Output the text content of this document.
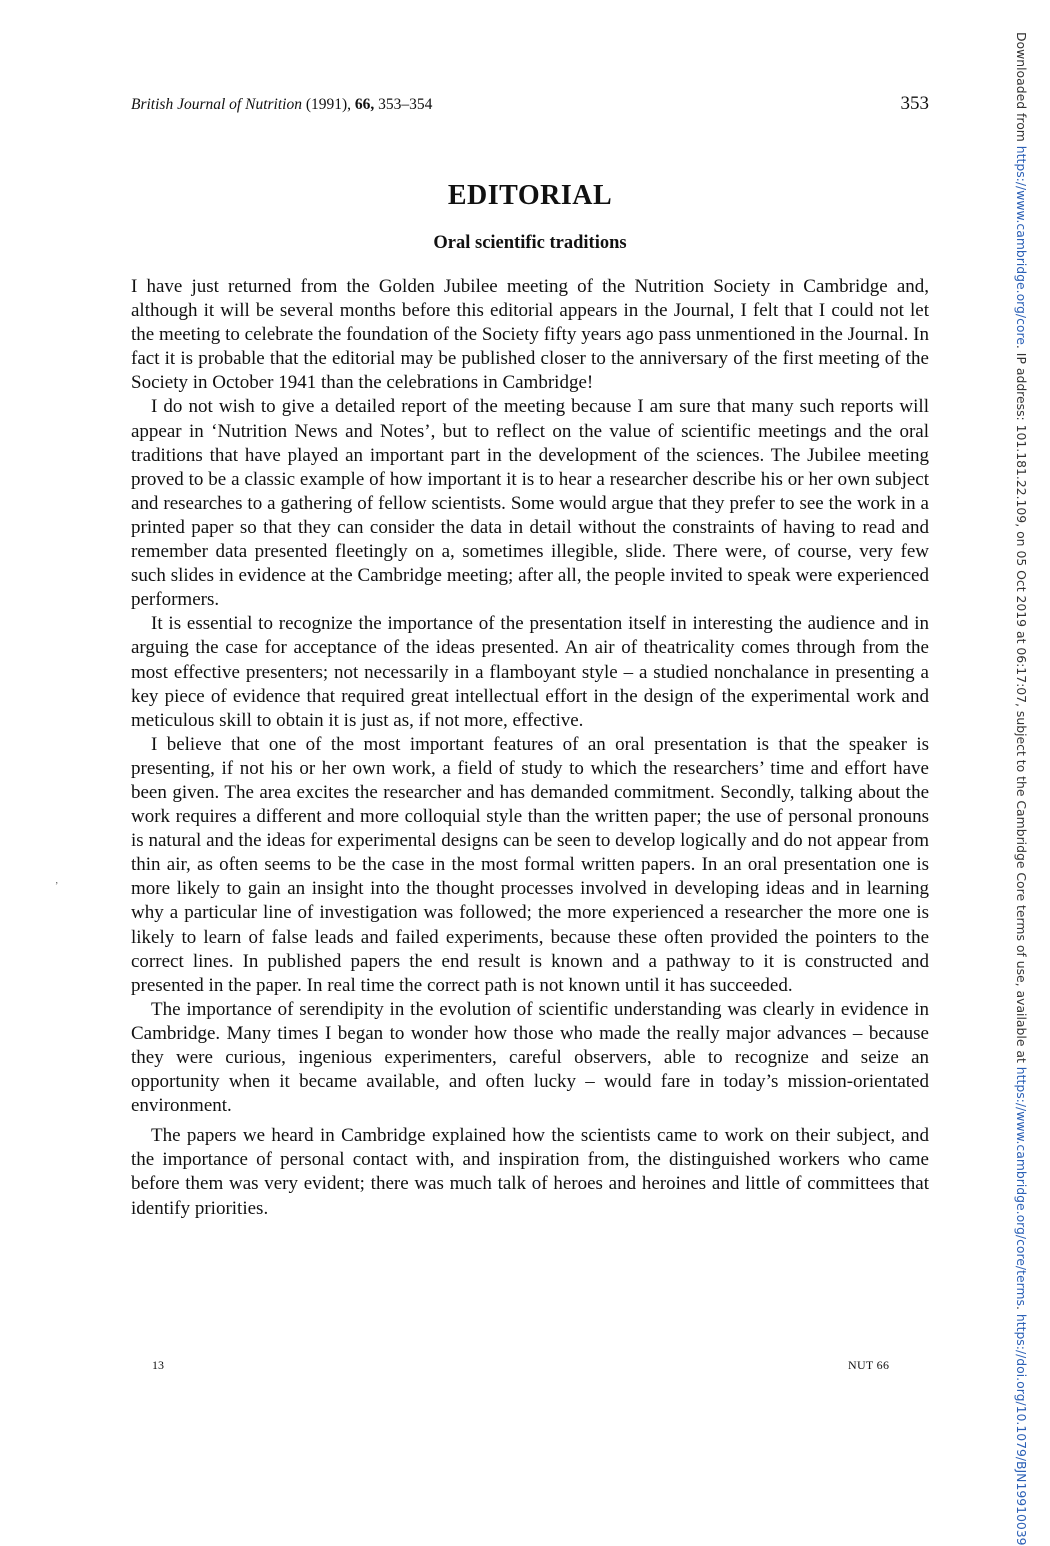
British Journal of Nutrition (1991), 66, 353–354	353
EDITORIAL
Oral scientific traditions

I have just returned from the Golden Jubilee meeting of the Nutrition Society in Cambridge and, although it will be several months before this editorial appears in the Journal, I felt that I could not let the meeting to celebrate the foundation of the Society fifty years ago pass unmentioned in the Journal. In fact it is probable that the editorial may be published closer to the anniversary of the first meeting of the Society in October 1941 than the celebrations in Cambridge!

I do not wish to give a detailed report of the meeting because I am sure that many such reports will appear in ‘Nutrition News and Notes’, but to reflect on the value of scientific meetings and the oral traditions that have played an important part in the development of the sciences. The Jubilee meeting proved to be a classic example of how important it is to hear a researcher describe his or her own subject and researches to a gathering of fellow scientists. Some would argue that they prefer to see the work in a printed paper so that they can consider the data in detail without the constraints of having to read and remember data presented fleetingly on a, sometimes illegible, slide. There were, of course, very few such slides in evidence at the Cambridge meeting; after all, the people invited to speak were experienced performers.

It is essential to recognize the importance of the presentation itself in interesting the audience and in arguing the case for acceptance of the ideas presented. An air of theatricality comes through from the most effective presenters; not necessarily in a flamboyant style – a studied nonchalance in presenting a key piece of evidence that required great intellectual effort in the design of the experimental work and meticulous skill to obtain it is just as, if not more, effective.

I believe that one of the most important features of an oral presentation is that the speaker is presenting, if not his or her own work, a field of study to which the researchers’ time and effort have been given. The area excites the researcher and has demanded commitment. Secondly, talking about the work requires a different and more colloquial style than the written paper; the use of personal pronouns is natural and the ideas for experimental designs can be seen to develop logically and do not appear from thin air, as often seems to be the case in the most formal written papers. In an oral presentation one is more likely to gain an insight into the thought processes involved in developing ideas and in learning why a particular line of investigation was followed; the more experienced a researcher the more one is likely to learn of false leads and failed experiments, because these often provided the pointers to the correct lines. In published papers the end result is known and a pathway to it is constructed and presented in the paper. In real time the correct path is not known until it has succeeded.

The importance of serendipity in the evolution of scientific understanding was clearly in evidence in Cambridge. Many times I began to wonder how those who made the really major advances – because they were curious, ingenious experimenters, careful observers, able to recognize and seize an opportunity when it became available, and often lucky – would fare in today’s mission-orientated environment.

The papers we heard in Cambridge explained how the scientists came to work on their subject, and the importance of personal contact with, and inspiration from, the distinguished workers who came before them was very evident; there was much talk of heroes and heroines and little of committees that identify priorities.

’
13	NUT 66
Downloaded from https://www.cambridge.org/core. IP address: 101.181.22.109, on 05 Oct 2019 at 06:17:07, subject to the Cambridge Core terms of use, available at https://www.cambridge.org/core/terms. https://doi.org/10.1079/BJN19910039
